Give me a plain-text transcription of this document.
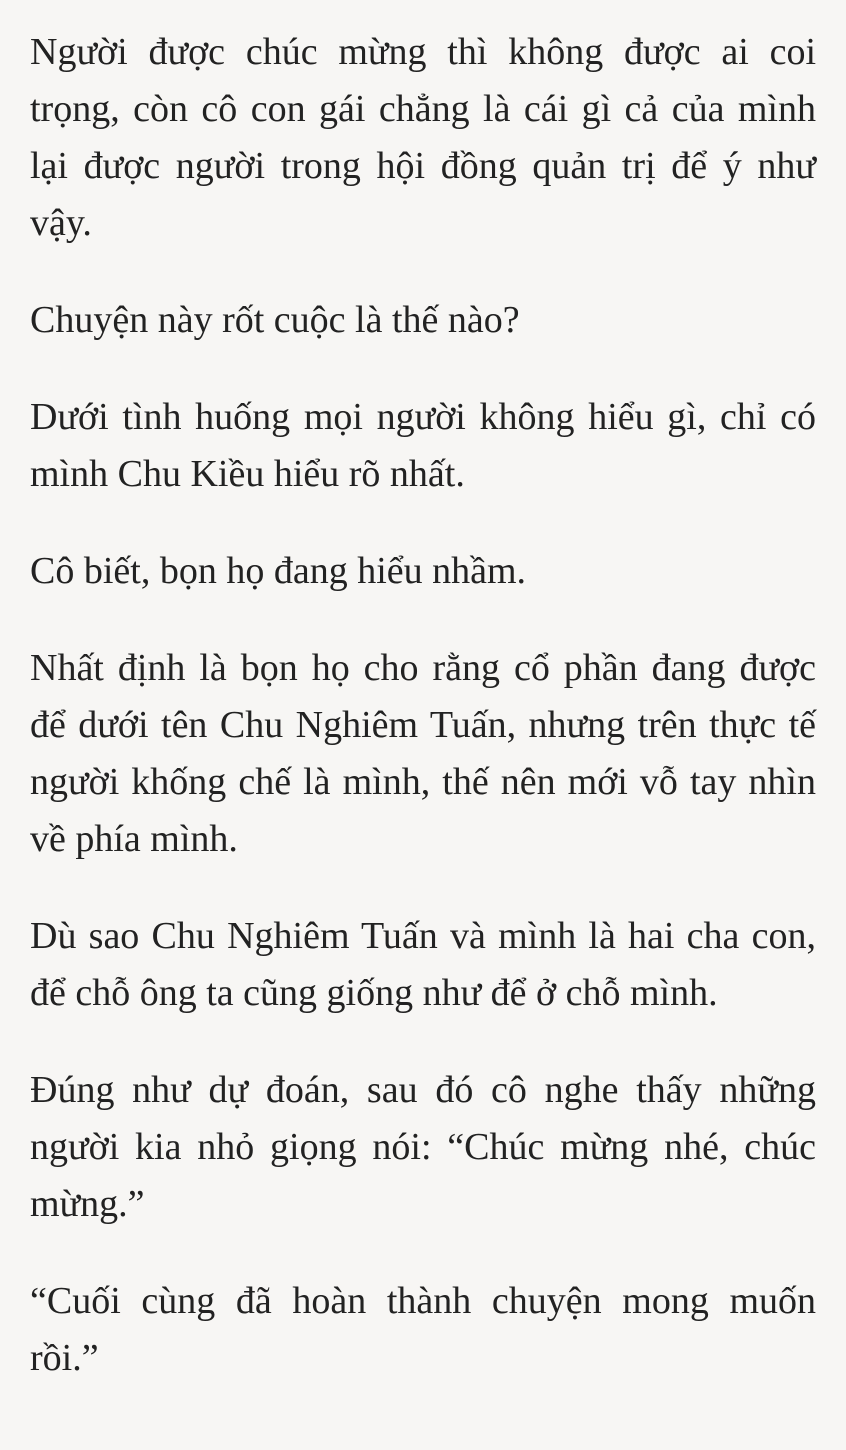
Người được chúc mừng thì không được ai coi trọng, còn cô con gái chẳng là cái gì cả của mình lại được người trong hội đồng quản trị để ý như vậy.

Chuyện này rốt cuộc là thế nào?

Dưới tình huống mọi người không hiểu gì, chỉ có mình Chu Kiều hiểu rõ nhất.

Cô biết, bọn họ đang hiểu nhầm.

Nhất định là bọn họ cho rằng cổ phần đang được để dưới tên Chu Nghiêm Tuấn, nhưng trên thực tế người khống chế là mình, thế nên mới vỗ tay nhìn về phía mình.

Dù sao Chu Nghiêm Tuấn và mình là hai cha con, để chỗ ông ta cũng giống như để ở chỗ mình.

Đúng như dự đoán, sau đó cô nghe thấy những người kia nhỏ giọng nói: “Chúc mừng nhé, chúc mừng.”

“Cuối cùng đã hoàn thành chuyện mong muốn rồi.”
